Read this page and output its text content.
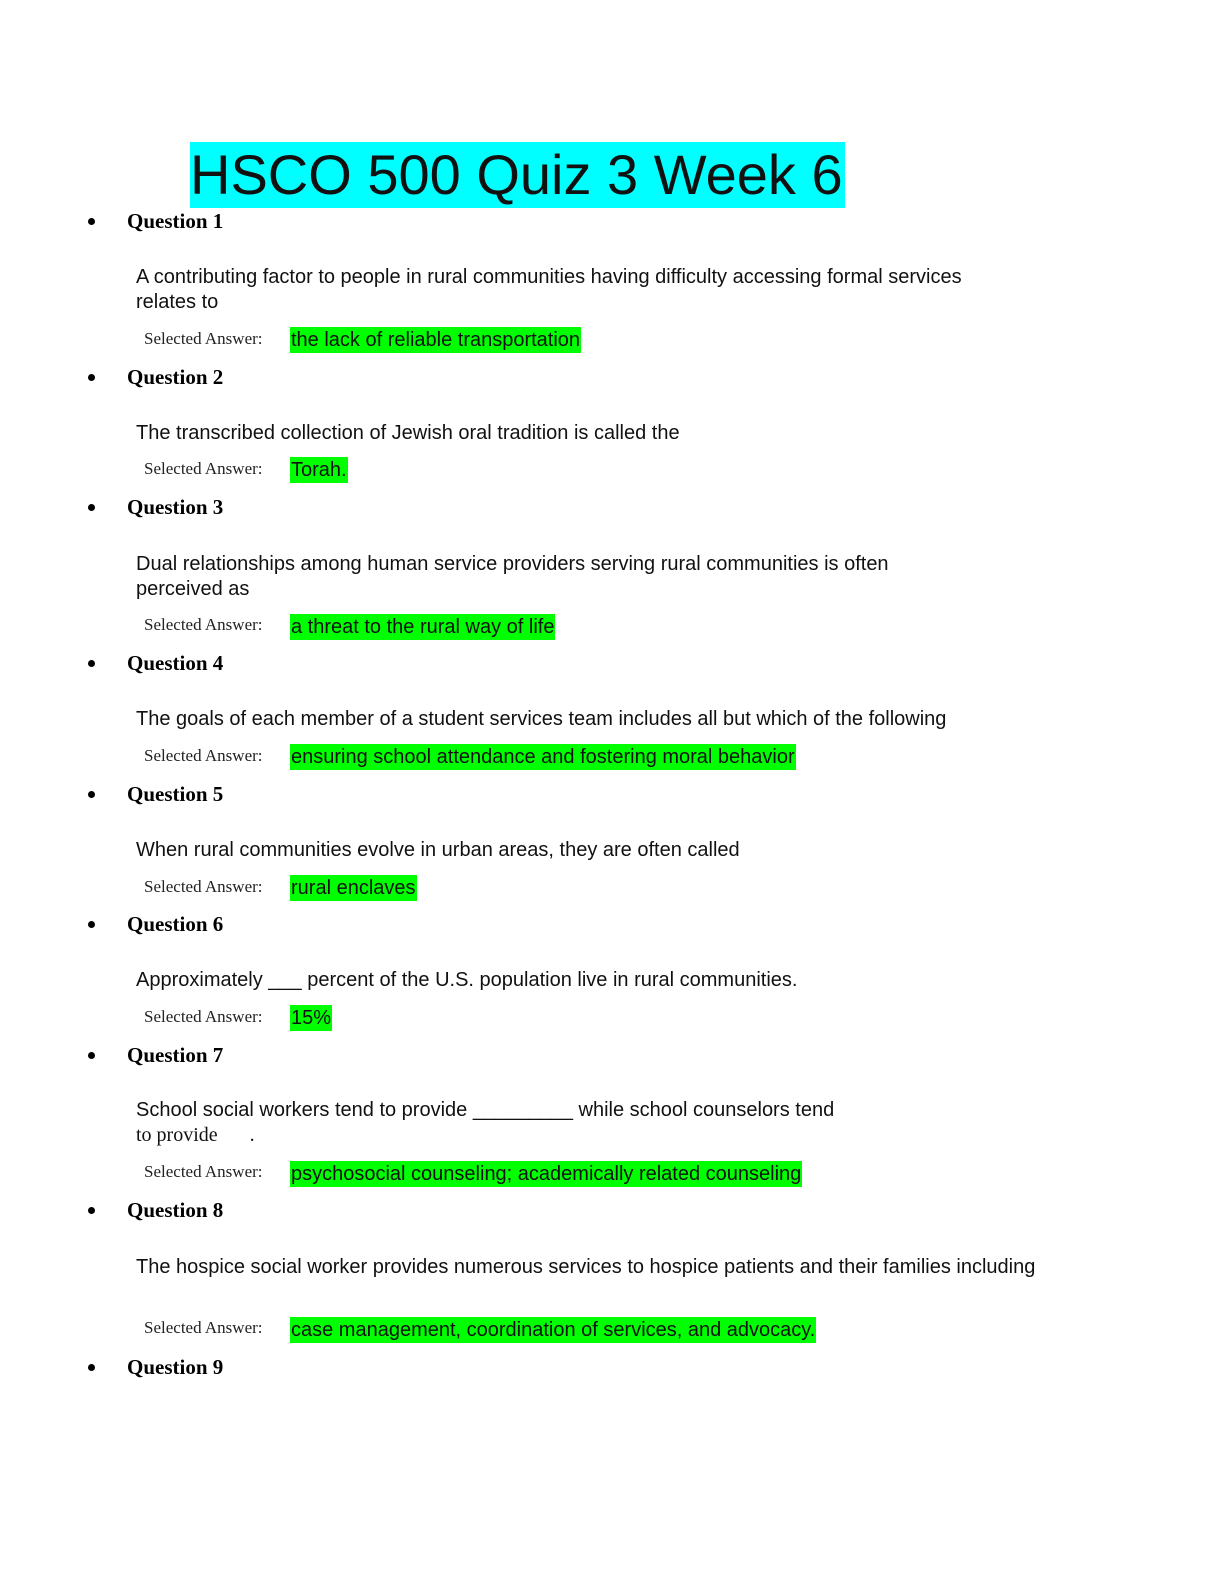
HSCO 500 Quiz 3 Week 6
Question 1
A contributing factor to people in rural communities having difficulty accessing formal services relates to
Selected Answer: the lack of reliable transportation
Question 2
The transcribed collection of Jewish oral tradition is called the
Selected Answer: Torah.
Question 3
Dual relationships among human service providers serving rural communities is often perceived as
Selected Answer: a threat to the rural way of life
Question 4
The goals of each member of a student services team includes all but which of the following
Selected Answer: ensuring school attendance and fostering moral behavior
Question 5
When rural communities evolve in urban areas, they are often called
Selected Answer: rural enclaves
Question 6
Approximately ___ percent of the U.S. population live in rural communities.
Selected Answer: 15%
Question 7
School social workers tend to provide _________ while school counselors tend
to provide .
Selected Answer: psychosocial counseling; academically related counseling
Question 8
The hospice social worker provides numerous services to hospice patients and their families including
Selected Answer: case management, coordination of services, and advocacy.
Question 9
